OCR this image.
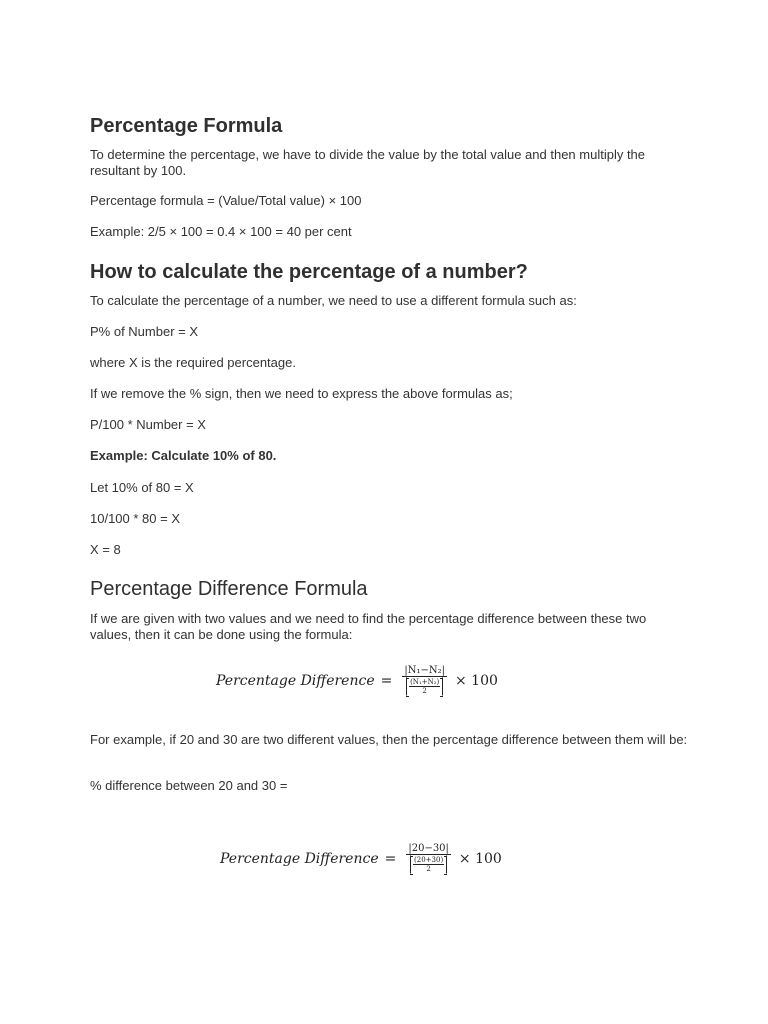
Percentage Formula

To determine the percentage, we have to divide the value by the total value and then multiply the resultant by 100.

Percentage formula = (Value/Total value) × 100

Example: 2/5 × 100 = 0.4 × 100 = 40 per cent

How to calculate the percentage of a number?

To calculate the percentage of a number, we need to use a different formula such as:

P% of Number = X

where X is the required percentage.

If we remove the % sign, then we need to express the above formulas as;

P/100 * Number = X

Example: Calculate 10% of 80.

Let 10% of 80 = X

10/100 * 80 = X

X = 8

Percentage Difference Formula

If we are given with two values and we need to find the percentage difference between these two values, then it can be done using the formula:

Percentage Difference = $\frac{\text{|N₁−N₂|}}{\frac{\text{(N₁+N₂)}}{2}} \times 100$

For example, if 20 and 30 are two different values, then the percentage difference between them will be:

% difference between 20 and 30 =

Percentage Difference = $\frac{|20-30|}{\frac{(20+30)}{2}} \times 100$
